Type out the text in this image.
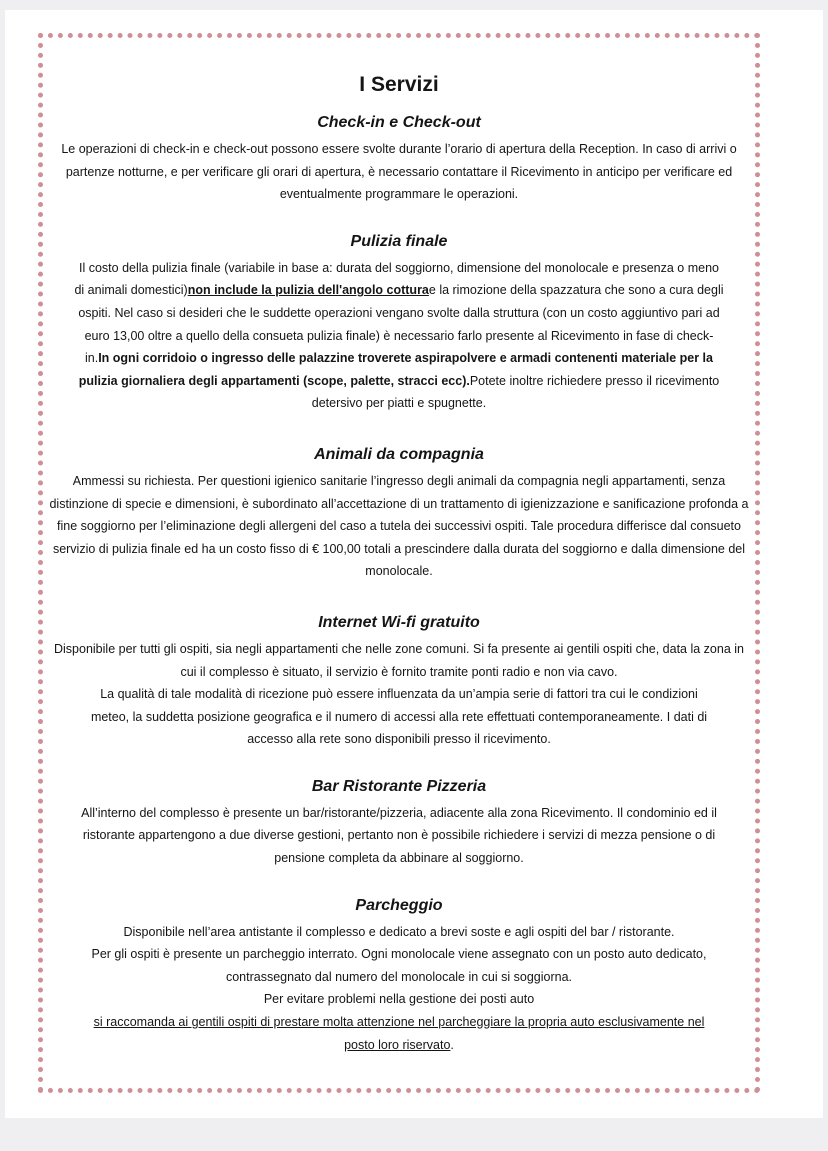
I Servizi
Check-in e Check-out

Le operazioni di check-in e check-out possono essere svolte durante l’orario di apertura della Reception. In caso di arrivi o partenze notturne, e per verificare gli orari di apertura, è necessario contattare il Ricevimento in anticipo per verificare ed eventualmente programmare le operazioni.

Pulizia finale

Il costo della pulizia finale (variabile in base a: durata del soggiorno, dimensione del monolocale e presenza o meno di animali domestici)non include la pulizia dell'angolo cotturae la rimozione della spazzatura che sono a cura degli ospiti. Nel caso si desideri che le suddette operazioni vengano svolte dalla struttura (con un costo aggiuntivo pari ad euro 13,00 oltre a quello della consueta pulizia finale) è necessario farlo presente al Ricevimento in fase di check-in.In ogni corridoio o ingresso delle palazzine troverete aspirapolvere e armadi contenenti materiale per la pulizia giornaliera degli appartamenti (scope, palette, stracci ecc).Potete inoltre richiedere presso il ricevimento detersivo per piatti e spugnette.

Animali da compagnia

Ammessi su richiesta. Per questioni igienico sanitarie l’ingresso degli animali da compagnia negli appartamenti, senza distinzione di specie e dimensioni, è subordinato all’accettazione di un trattamento di igienizzazione e sanificazione profonda a fine soggiorno per l’eliminazione degli allergeni del caso a tutela dei successivi ospiti. Tale procedura differisce dal consueto servizio di pulizia finale ed ha un costo fisso di € 100,00 totali a prescindere dalla durata del soggiorno e dalla dimensione del monolocale.

Internet Wi-fi gratuito

Disponibile per tutti gli ospiti, sia negli appartamenti che nelle zone comuni. Si fa presente ai gentili ospiti che, data la zona in cui il complesso è situato, il servizio è fornito tramite ponti radio e non via cavo.

La qualità di tale modalità di ricezione può essere influenzata da un’ampia serie di fattori tra cui le condizioni meteo, la suddetta posizione geografica e il numero di accessi alla rete effettuati contemporaneamente. I dati di accesso alla rete sono disponibili presso il ricevimento.

Bar Ristorante Pizzeria

All’interno del complesso è presente un bar/ristorante/pizzeria, adiacente alla zona Ricevimento. Il condominio ed il ristorante appartengono a due diverse gestioni, pertanto non è possibile richiedere i servizi di mezza pensione o di pensione completa da abbinare al soggiorno.

Parcheggio

Disponibile nell’area antistante il complesso e dedicato a brevi soste e agli ospiti del bar / ristorante.

Per gli ospiti è presente un parcheggio interrato. Ogni monolocale viene assegnato con un posto auto dedicato, contrassegnato dal numero del monolocale in cui si soggiorna.

Per evitare problemi nella gestione dei posti auto

si raccomanda ai gentili ospiti di prestare molta attenzione nel parcheggiare la propria auto esclusivamente nel posto loro riservato.
